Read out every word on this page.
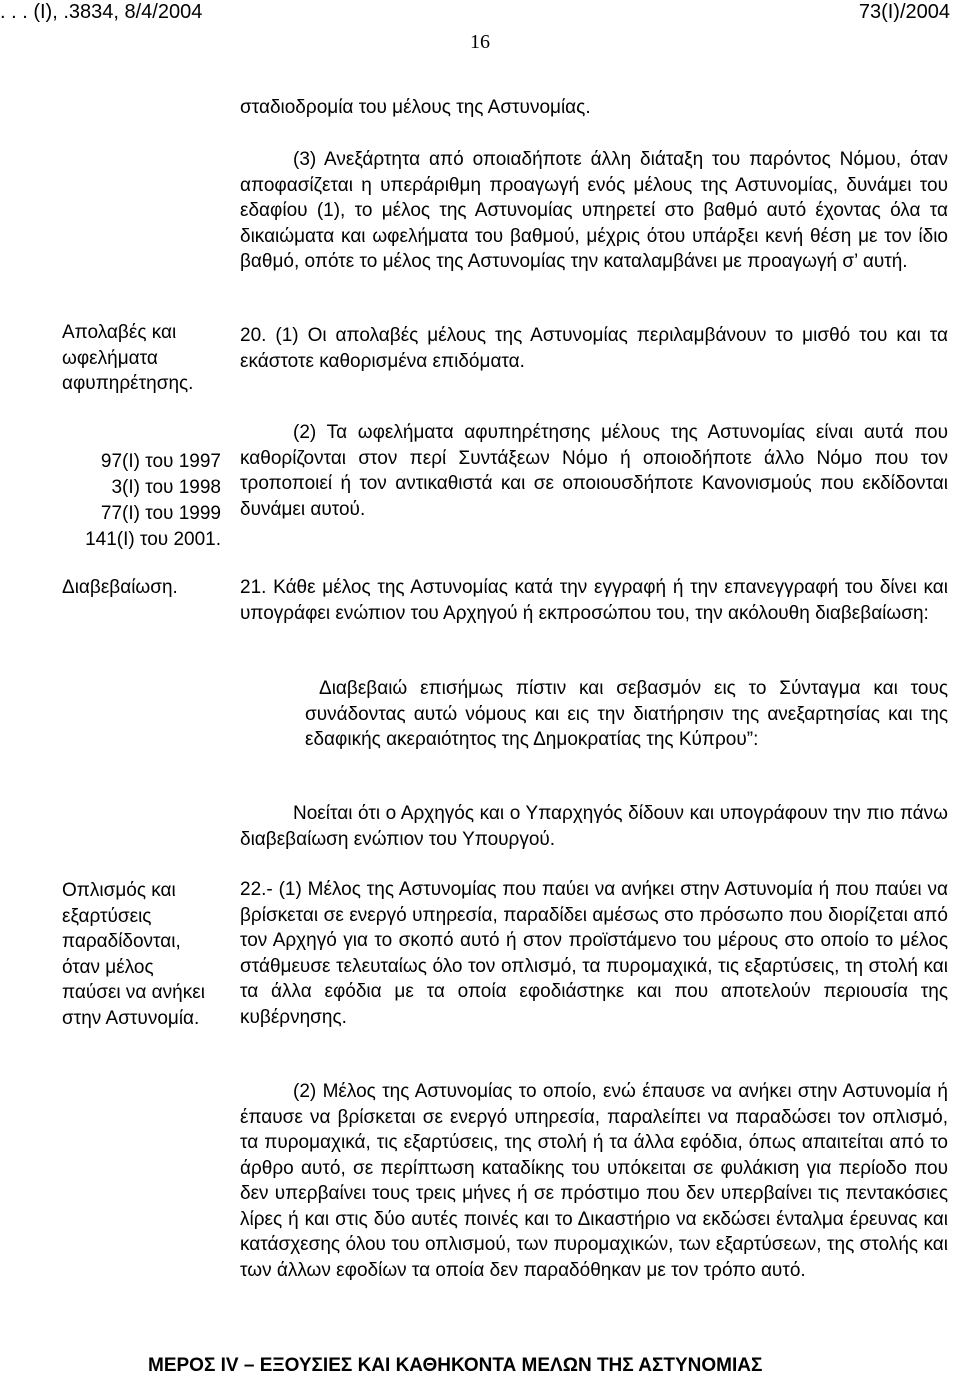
. . . (Ι), .3834, 8/4/2004	73(I)/2004
16
Απολαβές και ωφελήματα αφυπηρέτησης.
97(Ι) του 1997
3(Ι) του 1998
77(Ι) του 1999
141(Ι) του 2001.
Διαβεβαίωση.
Οπλισμός και εξαρτύσεις παραδίδονται, όταν μέλος παύσει να ανήκει στην Αστυνομία.

σταδιοδρομία του μέλους της Αστυνομίας.

(3) Ανεξάρτητα από οποιαδήποτε άλλη διάταξη του παρόντος Νόμου, όταν αποφασίζεται η υπεράριθμη προαγωγή ενός μέλους της Αστυνομίας, δυνάμει του εδαφίου (1), το μέλος της Αστυνομίας υπηρετεί στο βαθμό αυτό έχοντας όλα τα δικαιώματα και ωφελήματα του βαθμού, μέχρις ότου υπάρξει κενή θέση με τον ίδιο βαθμό, οπότε το μέλος της Αστυνομίας την καταλαμβάνει με προαγωγή σ’ αυτή.

20. (1) Οι απολαβές μέλους της Αστυνομίας περιλαμβάνουν το μισθό του και τα εκάστοτε καθορισμένα επιδόματα.

(2) Τα ωφελήματα αφυπηρέτησης μέλους της Αστυνομίας είναι αυτά που καθορίζονται στον περί Συντάξεων Νόμο ή οποιοδήποτε άλλο Νόμο που τον τροποποιεί ή τον αντικαθιστά και σε οποιουσδήποτε Κανονισμούς που εκδίδονται δυνάμει αυτού.

21. Κάθε μέλος της Αστυνομίας κατά την εγγραφή ή την επανεγγραφή του δίνει και υπογράφει ενώπιον του Αρχηγού ή εκπροσώπου του, την ακόλουθη διαβεβαίωση:

Διαβεβαιώ επισήμως πίστιν και σεβασμόν εις το Σύνταγμα και τους συνάδοντας αυτώ νόμους και εις την διατήρησιν της ανεξαρτησίας και της εδαφικής ακεραιότητος της Δημοκρατίας της Κύπρου”:

Νοείται ότι ο Αρχηγός και ο Υπαρχηγός δίδουν και υπογράφουν την πιο πάνω διαβεβαίωση ενώπιον του Υπουργού.

22.- (1) Μέλος της Αστυνομίας που παύει να ανήκει στην Αστυνομία ή που παύει να βρίσκεται σε ενεργό υπηρεσία, παραδίδει αμέσως στο πρόσωπο που διορίζεται από τον Αρχηγό για το σκοπό αυτό ή στον προϊστάμενο του μέρους στο οποίο το μέλος στάθμευσε τελευταίως όλο τον οπλισμό, τα πυρομαχικά, τις εξαρτύσεις, τη στολή και τα άλλα εφόδια με τα οποία εφοδιάστηκε και που αποτελούν περιουσία της κυβέρνησης.

(2) Μέλος της Αστυνομίας το οποίο, ενώ έπαυσε να ανήκει στην Αστυνομία ή έπαυσε να βρίσκεται σε ενεργό υπηρεσία, παραλείπει να παραδώσει τον οπλισμό, τα πυρομαχικά, τις εξαρτύσεις, της στολή ή τα άλλα εφόδια, όπως απαιτείται από το άρθρο αυτό, σε περίπτωση καταδίκης του υπόκειται σε φυλάκιση για περίοδο που δεν υπερβαίνει τους τρεις μήνες ή σε πρόστιμο που δεν υπερβαίνει τις πεντακόσιες λίρες ή και στις δύο αυτές ποινές και το Δικαστήριο να εκδώσει ένταλμα έρευνας και κατάσχεσης όλου του οπλισμού, των πυρομαχικών, των εξαρτύσεων, της στολής και των άλλων εφοδίων τα οποία δεν παραδόθηκαν με τον τρόπο αυτό.

ΜΕΡΟΣ IV – ΕΞΟΥΣΙΕΣ ΚΑΙ ΚΑΘΗΚΟΝΤΑ ΜΕΛΩΝ ΤΗΣ ΑΣΤΥΝΟΜΙΑΣ
